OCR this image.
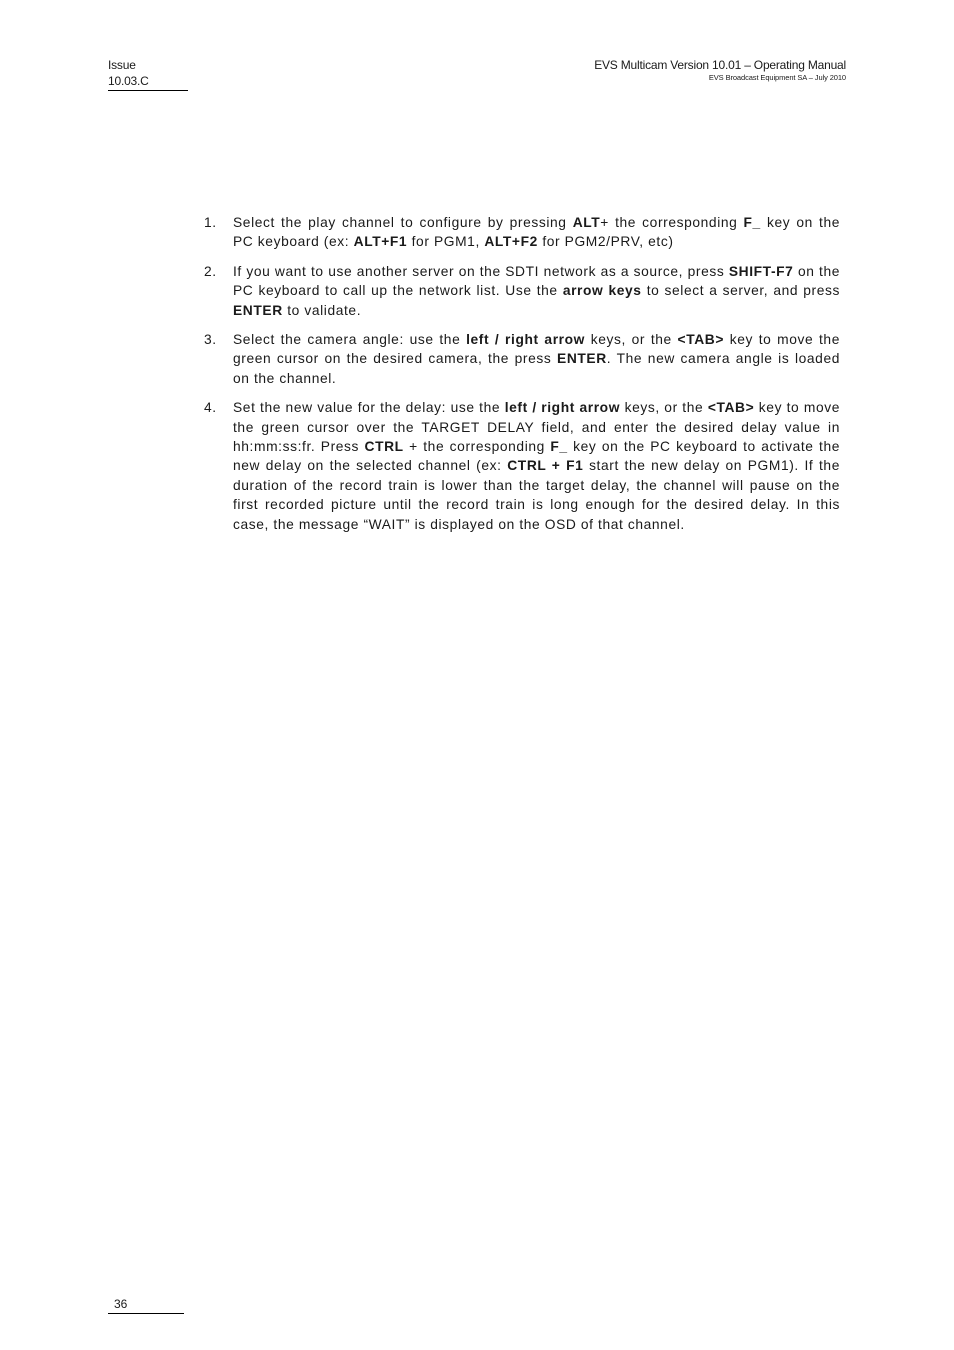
Issue
10.03.C
EVS Multicam Version 10.01 – Operating Manual
EVS Broadcast Equipment SA – July 2010
1. Select the play channel to configure by pressing ALT+ the corresponding F_ key on the PC keyboard (ex: ALT+F1 for PGM1, ALT+F2 for PGM2/PRV, etc)
2. If you want to use another server on the SDTI network as a source, press SHIFT-F7 on the PC keyboard to call up the network list. Use the arrow keys to select a server, and press ENTER to validate.
3. Select the camera angle: use the left / right arrow keys, or the <TAB> key to move the green cursor on the desired camera, the press ENTER. The new camera angle is loaded on the channel.
4. Set the new value for the delay: use the left / right arrow keys, or the <TAB> key to move the green cursor over the TARGET DELAY field, and enter the desired delay value in hh:mm:ss:fr. Press CTRL + the corresponding F_ key on the PC keyboard to activate the new delay on the selected channel (ex: CTRL + F1 start the new delay on PGM1). If the duration of the record train is lower than the target delay, the channel will pause on the first recorded picture until the record train is long enough for the desired delay. In this case, the message “WAIT” is displayed on the OSD of that channel.
36
